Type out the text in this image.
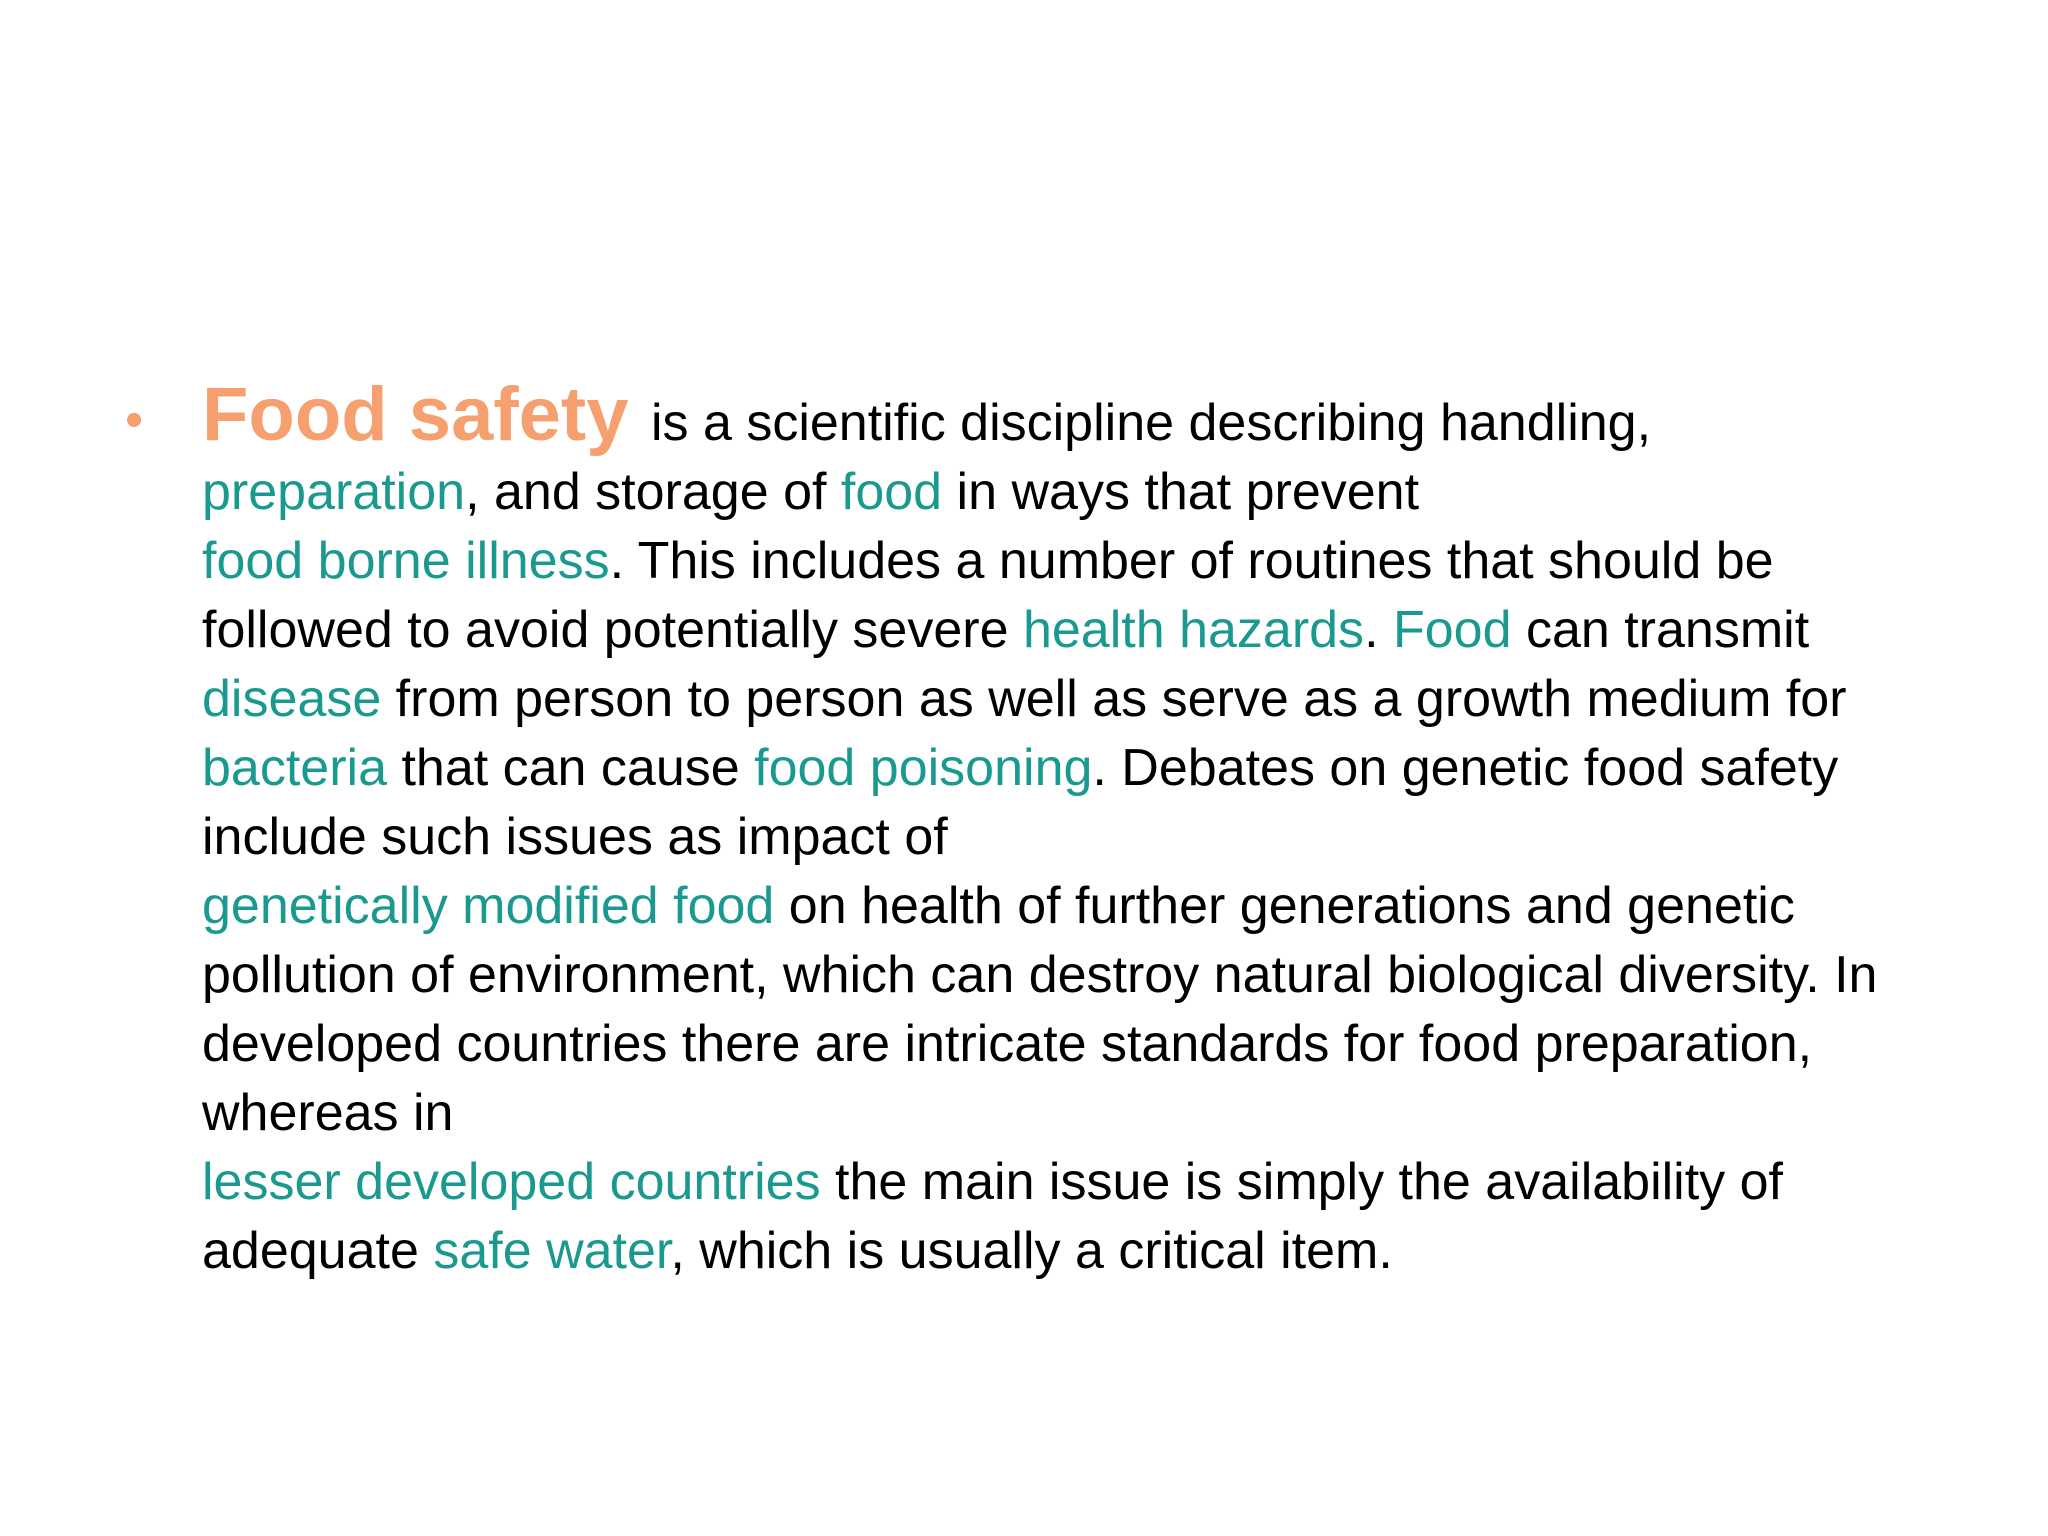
• Food safety is a scientific discipline describing handling,
preparation, and storage of food in ways that prevent
food borne illness. This includes a number of routines that should be followed to avoid potentially severe health hazards. Food can transmit disease from person to person as well as serve as a growth medium for bacteria that can cause food poisoning. Debates on genetic food safety include such issues as impact of
genetically modified food on health of further generations and genetic pollution of environment, which can destroy natural biological diversity. In developed countries there are intricate standards for food preparation, whereas in
lesser developed countries the main issue is simply the availability of adequate safe water, which is usually a critical item.
